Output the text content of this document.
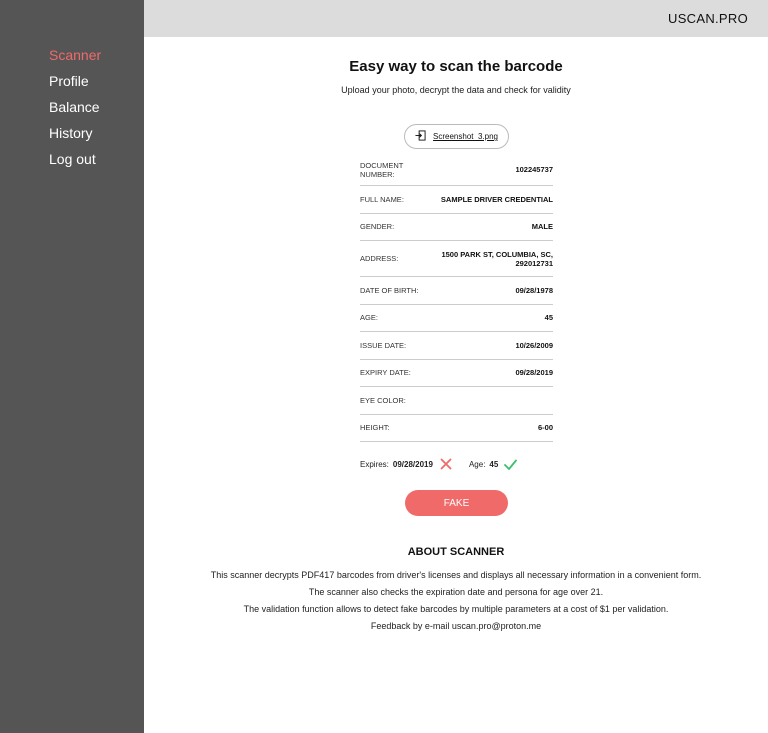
Scanner
Profile
Balance
History
Log out
USCAN.PRO
Easy way to scan the barcode
Upload your photo, decrypt the data and check for validity
Screenshot_3.png
DOCUMENT NUMBER:	102245737
FULL NAME:	SAMPLE DRIVER CREDENTIAL
GENDER:	MALE
ADDRESS:	1500 PARK ST, COLUMBIA, SC, 292012731
DATE OF BIRTH:	09/28/1978
AGE:	45
ISSUE DATE:	10/26/2009
EXPIRY DATE:	09/28/2019
EYE COLOR:
HEIGHT:	6-00
Expires: 09/28/2019	Age: 45
FAKE
ABOUT SCANNER
This scanner decrypts PDF417 barcodes from driver's licenses and displays all necessary information in a convenient form.
The scanner also checks the expiration date and persona for age over 21.
The validation function allows to detect fake barcodes by multiple parameters at a cost of $1 per validation.
Feedback by e-mail uscan.pro@proton.me
